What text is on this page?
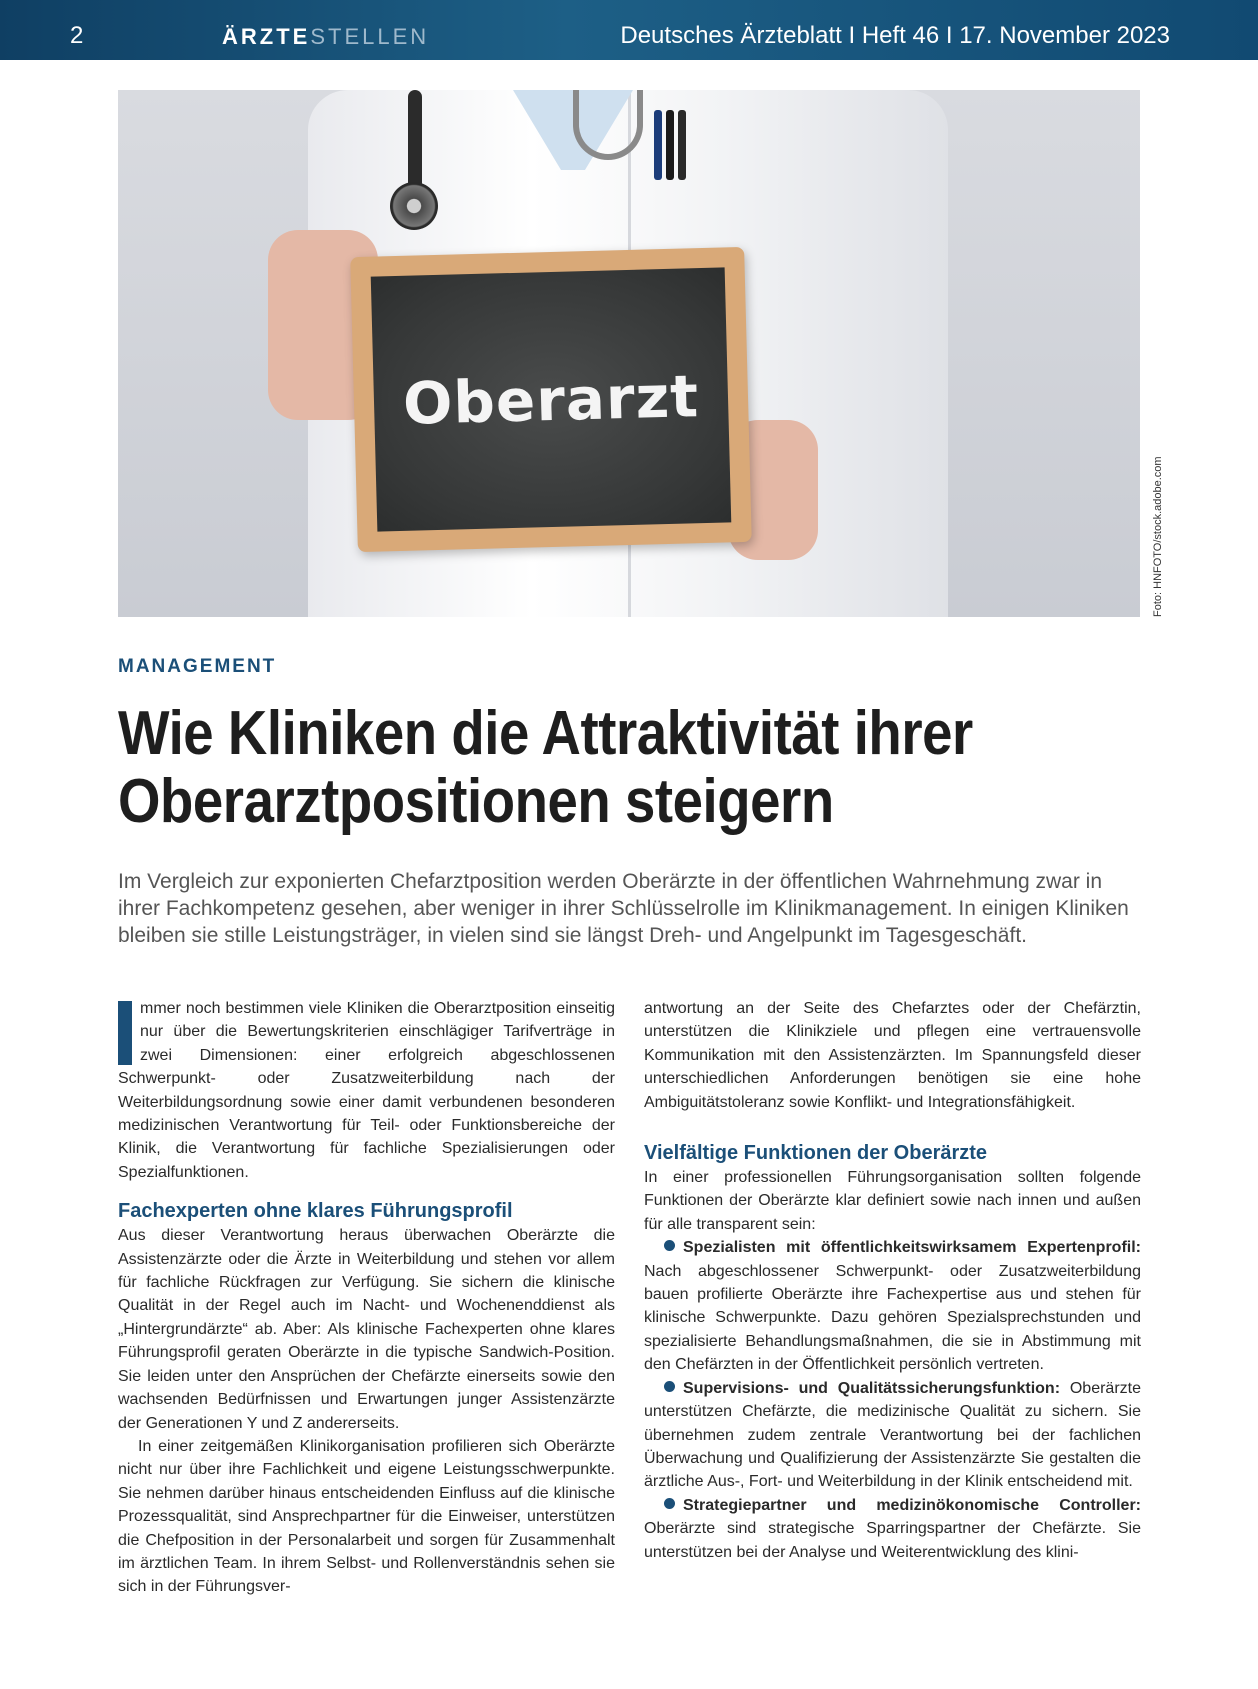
2	ÄRZTESTELLEN	Deutsches Ärzteblatt I Heft 46 I 17. November 2023
Oberarzt
Foto: HNFOTO/stock.adobe.com
MANAGEMENT
Wie Kliniken die Attraktivität ihrer Oberarztpositionen steigern

Im Vergleich zur exponierten Chefarztposition werden Oberärzte in der öffentlichen Wahrnehmung zwar in ihrer Fachkompetenz gesehen, aber weniger in ihrer Schlüsselrolle im Klinikmanagement. In einigen Kliniken bleiben sie stille Leistungsträger, in vielen sind sie längst Dreh- und Angelpunkt im Tagesgeschäft.

mmer noch bestimmen viele Kliniken die Oberarztposition einseitig nur über die Bewertungskriterien einschlägiger Tarifverträge in zwei Dimensionen: einer erfolgreich abgeschlossenen Schwerpunkt- oder Zusatzweiterbildung nach der Weiterbildungsordnung sowie einer damit verbundenen besonderen medizinischen Verantwortung für Teil- oder Funktionsbereiche der Klinik, die Verantwortung für fachliche Spezialisierungen oder Spezialfunktionen.

Fachexperten ohne klares Führungsprofil

Aus dieser Verantwortung heraus überwachen Oberärzte die Assistenzärzte oder die Ärzte in Weiterbildung und stehen vor allem für fachliche Rückfragen zur Verfügung. Sie sichern die klinische Qualität in der Regel auch im Nacht- und Wochenenddienst als „Hintergrundärzte“ ab. Aber: Als klinische Fachexperten ohne klares Führungsprofil geraten Oberärzte in die typische Sandwich-Position. Sie leiden unter den Ansprüchen der Chefärzte einerseits sowie den wachsenden Bedürfnissen und Erwartungen junger Assistenzärzte der Generationen Y und Z andererseits.

In einer zeitgemäßen Klinikorganisation profilieren sich Oberärzte nicht nur über ihre Fachlichkeit und eigene Leistungsschwerpunkte. Sie nehmen darüber hinaus entscheidenden Einfluss auf die klinische Prozessqualität, sind Ansprechpartner für die Einweiser, unterstützen die Chefposition in der Personalarbeit und sorgen für Zusammenhalt im ärztlichen Team. In ihrem Selbst- und Rollenverständnis sehen sie sich in der Führungsver-

antwortung an der Seite des Chefarztes oder der Chefärztin, unterstützen die Klinikziele und pflegen eine vertrauensvolle Kommunikation mit den Assistenzärzten. Im Spannungsfeld dieser unterschiedlichen Anforderungen benötigen sie eine hohe Ambiguitätstoleranz sowie Konflikt- und Integrationsfähigkeit.

Vielfältige Funktionen der Oberärzte

In einer professionellen Führungsorganisation sollten folgende Funktionen der Oberärzte klar definiert sowie nach innen und außen für alle transparent sein:

Spezialisten mit öffentlichkeitswirksamem Expertenprofil: Nach abgeschlossener Schwerpunkt- oder Zusatzweiterbildung bauen profilierte Oberärzte ihre Fachexpertise aus und stehen für klinische Schwerpunkte. Dazu gehören Spezialsprechstunden und spezialisierte Behandlungsmaßnahmen, die sie in Abstimmung mit den Chefärzten in der Öffentlichkeit persönlich vertreten.

Supervisions- und Qualitätssicherungsfunktion: Oberärzte unterstützen Chefärzte, die medizinische Qualität zu sichern. Sie übernehmen zudem zentrale Verantwortung bei der fachlichen Überwachung und Qualifizierung der Assistenzärzte Sie gestalten die ärztliche Aus-, Fort- und Weiterbildung in der Klinik entscheidend mit.

Strategiepartner und medizinökonomische Controller: Oberärzte sind strategische Sparringspartner der Chefärzte. Sie unterstützen bei der Analyse und Weiterentwicklung des klini-
